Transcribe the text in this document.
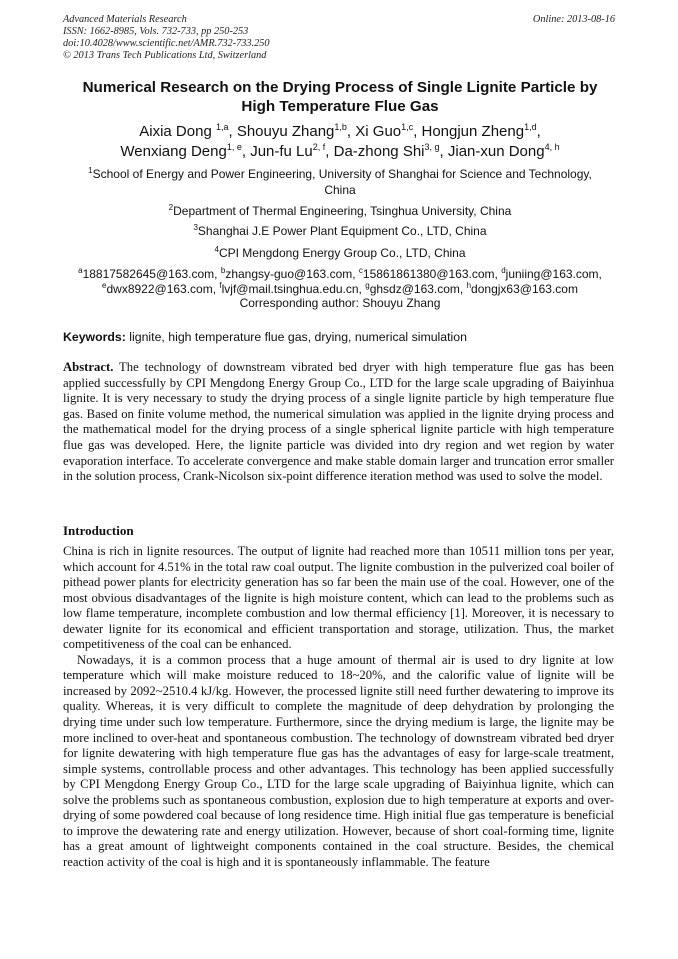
Advanced Materials Research
ISSN: 1662-8985, Vols. 732-733, pp 250-253
doi:10.4028/www.scientific.net/AMR.732-733.250
© 2013 Trans Tech Publications Ltd, Switzerland
Online: 2013-08-16
Numerical Research on the Drying Process of Single Lignite Particle by
High Temperature Flue Gas
Aixia Dong $^{1,a}$, Shouyu Zhang$^{1,b}$, Xi Guo$^{1,c}$, Hongjun Zheng$^{1,d}$,
Wenxiang Deng$^{1, e}$, Jun-fu Lu$^{2, f}$, Da-zhong Shi$^{3, g}$, Jian-xun Dong$^{4, h}$
$^1$School of Energy and Power Engineering, University of Shanghai for Science and Technology,
China
$^2$Department of Thermal Engineering, Tsinghua University, China
$^3$Shanghai J.E Power Plant Equipment Co., LTD, China
$^4$CPI Mengdong Energy Group Co., LTD, China
$^a$18817582645@163.com, $^b$zhangsy-guo@163.com, $^c$15861861380@163.com, $^d$juniing@163.com,
$^e$dwx8922@163.com, $^f$lvjf@mail.tsinghua.edu.cn, $^g$ghsdz@163.com, $^h$dongjx63@163.com
Corresponding author: Shouyu Zhang
Keywords: lignite, high temperature flue gas, drying, numerical simulation
Abstract. The technology of downstream vibrated bed dryer with high temperature flue gas has been applied successfully by CPI Mengdong Energy Group Co., LTD for the large scale upgrading of Baiyinhua lignite. It is very necessary to study the drying process of a single lignite particle by high temperature flue gas. Based on finite volume method, the numerical simulation was applied in the lignite drying process and the mathematical model for the drying process of a single spherical lignite particle with high temperature flue gas was developed. Here, the lignite particle was divided into dry region and wet region by water evaporation interface. To accelerate convergence and make stable domain larger and truncation error smaller in the solution process, Crank-Nicolson six-point difference iteration method was used to solve the model.
Introduction

China is rich in lignite resources. The output of lignite had reached more than 10511 million tons per year, which account for 4.51% in the total raw coal output. The lignite combustion in the pulverized coal boiler of pithead power plants for electricity generation has so far been the main use of the coal. However, one of the most obvious disadvantages of the lignite is high moisture content, which can lead to the problems such as low flame temperature, incomplete combustion and low thermal efficiency [1]. Moreover, it is necessary to dewater lignite for its economical and efficient transportation and storage, utilization. Thus, the market competitiveness of the coal can be enhanced.

Nowadays, it is a common process that a huge amount of thermal air is used to dry lignite at low temperature which will make moisture reduced to 18~20%, and the calorific value of lignite will be increased by 2092~2510.4 kJ/kg. However, the processed lignite still need further dewatering to improve its quality. Whereas, it is very difficult to complete the magnitude of deep dehydration by prolonging the drying time under such low temperature. Furthermore, since the drying medium is large, the lignite may be more inclined to over-heat and spontaneous combustion. The technology of downstream vibrated bed dryer for lignite dewatering with high temperature flue gas has the advantages of easy for large-scale treatment, simple systems, controllable process and other advantages. This technology has been applied successfully by CPI Mengdong Energy Group Co., LTD for the large scale upgrading of Baiyinhua lignite, which can solve the problems such as spontaneous combustion, explosion due to high temperature at exports and over-drying of some powdered coal because of long residence time. High initial flue gas temperature is beneficial to improve the dewatering rate and energy utilization. However, because of short coal-forming time, lignite has a great amount of lightweight components contained in the coal structure. Besides, the chemical reaction activity of the coal is high and it is spontaneously inflammable. The feature
